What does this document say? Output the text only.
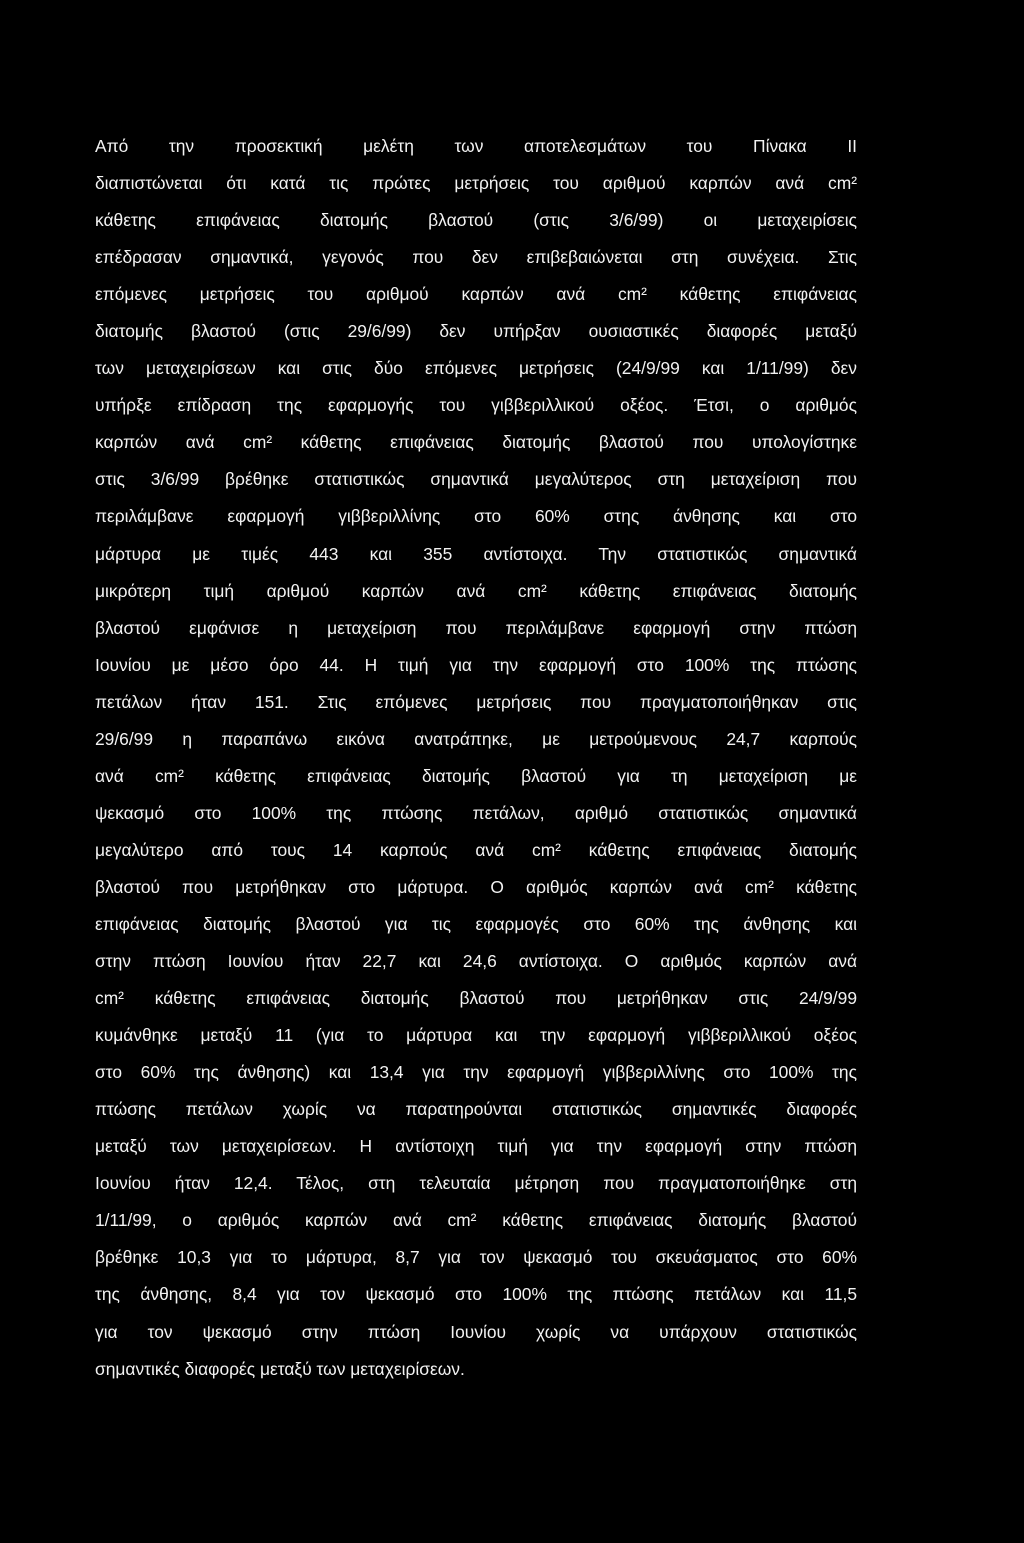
Από την προσεκτική μελέτη των αποτελεσμάτων του Πίνακα ΙΙ
διαπιστώνεται ότι κατά τις πρώτες μετρήσεις του αριθμού καρπών ανά cm²
κάθετης επιφάνειας διατομής βλαστού (στις 3/6/99) οι μεταχειρίσεις
επέδρασαν σημαντικά, γεγονός που δεν επιβεβαιώνεται στη συνέχεια. Στις
επόμενες μετρήσεις του αριθμού καρπών ανά cm² κάθετης επιφάνειας
διατομής βλαστού (στις 29/6/99) δεν υπήρξαν ουσιαστικές διαφορές μεταξύ
των μεταχειρίσεων και στις δύο επόμενες μετρήσεις (24/9/99 και 1/11/99) δεν
υπήρξε επίδραση της εφαρμογής του γιββεριλλικού οξέος. Έτσι, ο αριθμός
καρπών ανά cm² κάθετης επιφάνειας διατομής βλαστού που υπολογίστηκε
στις 3/6/99 βρέθηκε στατιστικώς σημαντικά μεγαλύτερος στη μεταχείριση που
περιλάμβανε εφαρμογή γιββεριλλίνης στο 60% στης άνθησης και στο
μάρτυρα με τιμές 443 και 355 αντίστοιχα. Την στατιστικώς σημαντικά
μικρότερη τιμή αριθμού καρπών ανά cm² κάθετης επιφάνειας διατομής
βλαστού εμφάνισε η μεταχείριση που περιλάμβανε εφαρμογή στην πτώση
Ιουνίου με μέσο όρο 44. Η τιμή για την εφαρμογή στο 100% της πτώσης
πετάλων ήταν 151. Στις επόμενες μετρήσεις που πραγματοποιήθηκαν στις
29/6/99 η παραπάνω εικόνα ανατράπηκε, με μετρούμενους 24,7 καρπούς
ανά cm² κάθετης επιφάνειας διατομής βλαστού για τη μεταχείριση με
ψεκασμό στο 100% της πτώσης πετάλων, αριθμό στατιστικώς σημαντικά
μεγαλύτερο από τους 14 καρπούς ανά cm² κάθετης επιφάνειας διατομής
βλαστού που μετρήθηκαν στο μάρτυρα. Ο αριθμός καρπών ανά cm² κάθετης
επιφάνειας διατομής βλαστού για τις εφαρμογές στο 60% της άνθησης και
στην πτώση Ιουνίου ήταν 22,7 και 24,6 αντίστοιχα. Ο αριθμός καρπών ανά
cm² κάθετης επιφάνειας διατομής βλαστού που μετρήθηκαν στις 24/9/99
κυμάνθηκε μεταξύ 11 (για το μάρτυρα και την εφαρμογή γιββεριλλικού οξέος
στο 60% της άνθησης) και 13,4 για την εφαρμογή γιββεριλλίνης στο 100% της
πτώσης πετάλων χωρίς να παρατηρούνται στατιστικώς σημαντικές διαφορές
μεταξύ των μεταχειρίσεων. Η αντίστοιχη τιμή για την εφαρμογή στην πτώση
Ιουνίου ήταν 12,4. Τέλος, στη τελευταία μέτρηση που πραγματοποιήθηκε στη
1/11/99, ο αριθμός καρπών ανά cm² κάθετης επιφάνειας διατομής βλαστού
βρέθηκε 10,3 για το μάρτυρα, 8,7 για τον ψεκασμό του σκευάσματος στο 60%
της άνθησης, 8,4 για τον ψεκασμό στο 100% της πτώσης πετάλων και 11,5
για τον ψεκασμό στην πτώση Ιουνίου χωρίς να υπάρχουν στατιστικώς
σημαντικές διαφορές μεταξύ των μεταχειρίσεων.
